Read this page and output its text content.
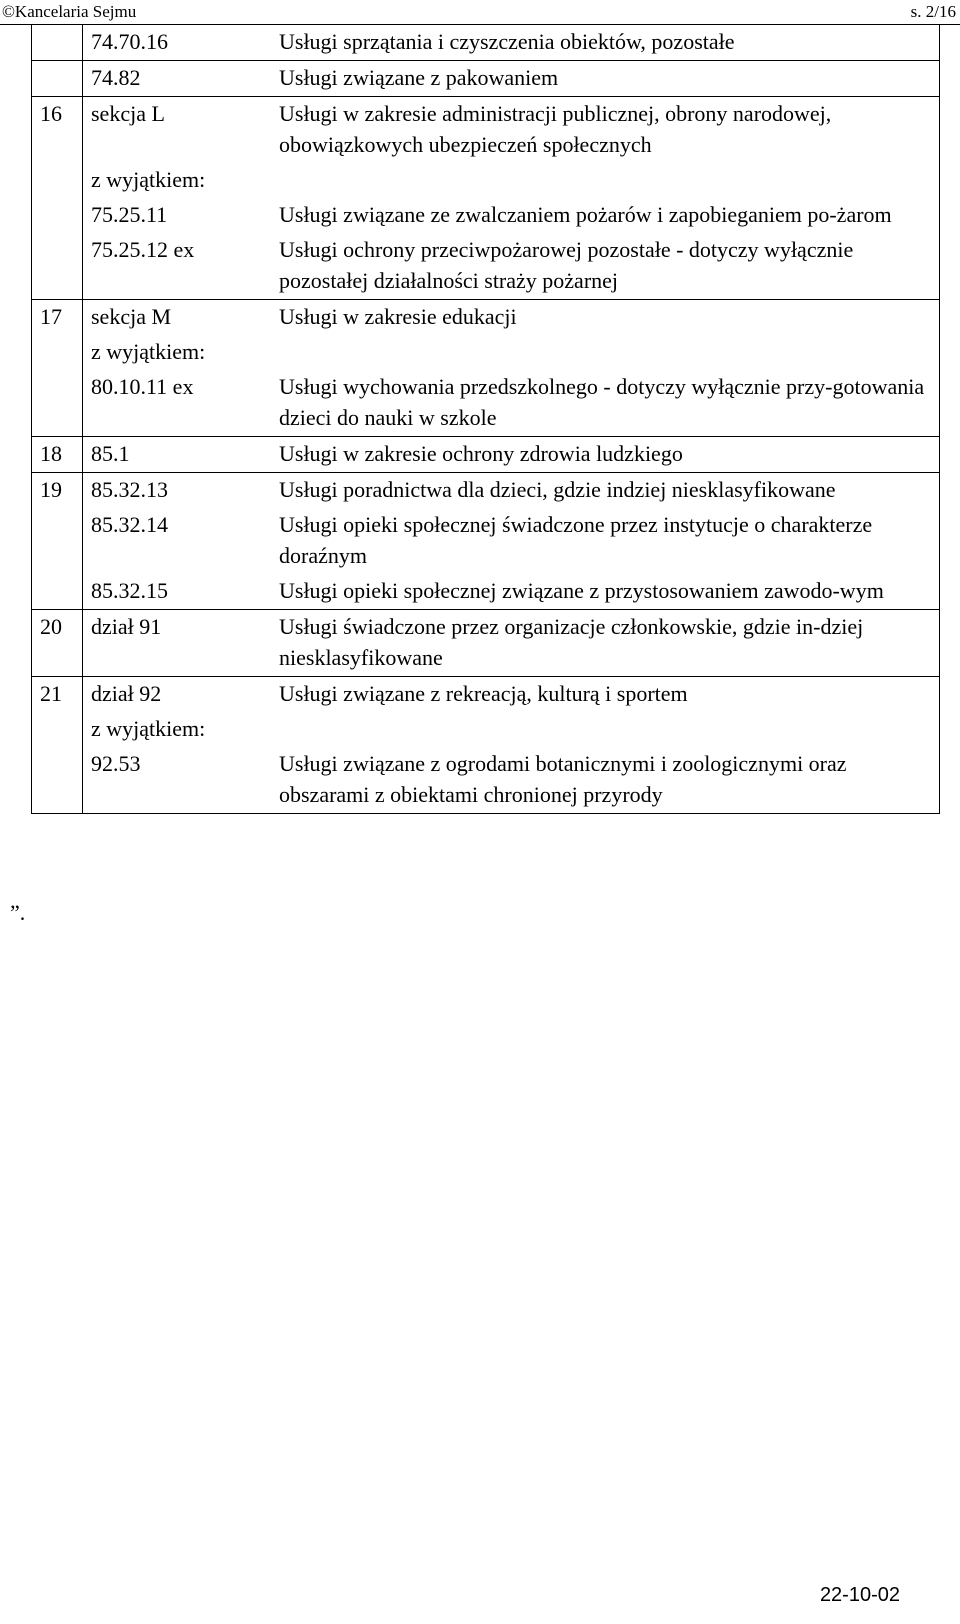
©Kancelaria Sejmu	s. 2/16
	74.70.16	Usługi sprzątania i czyszczenia obiektów, pozostałe
	74.82	Usługi związane z pakowaniem
16	sekcja L	Usługi w zakresie administracji publicznej, obrony narodowej, obowiązkowych ubezpieczeń społecznych
	z wyjątkiem:	
	75.25.11	Usługi związane ze zwalczaniem pożarów i zapobieganiem po-żarom
	75.25.12 ex	Usługi ochrony przeciwpożarowej pozostałe - dotyczy wyłącznie pozostałej działalności straży pożarnej
17	sekcja M	Usługi w zakresie edukacji
	z wyjątkiem:	
	80.10.11 ex	Usługi wychowania przedszkolnego - dotyczy wyłącznie przy-gotowania dzieci do nauki w szkole
18	85.1	Usługi w zakresie ochrony zdrowia ludzkiego
19	85.32.13	Usługi poradnictwa dla dzieci, gdzie indziej niesklasyfikowane
	85.32.14	Usługi opieki społecznej świadczone przez instytucje o charakterze doraźnym
	85.32.15	Usługi opieki społecznej związane z przystosowaniem zawodo-wym
20	dział 91	Usługi świadczone przez organizacje członkowskie, gdzie in-dziej niesklasyfikowane
21	dział 92	Usługi związane z rekreacją, kulturą i sportem
	z wyjątkiem:	
	92.53	Usługi związane z ogrodami botanicznymi i zoologicznymi oraz obszarami z obiektami chronionej przyrody
”.
22-10-02
